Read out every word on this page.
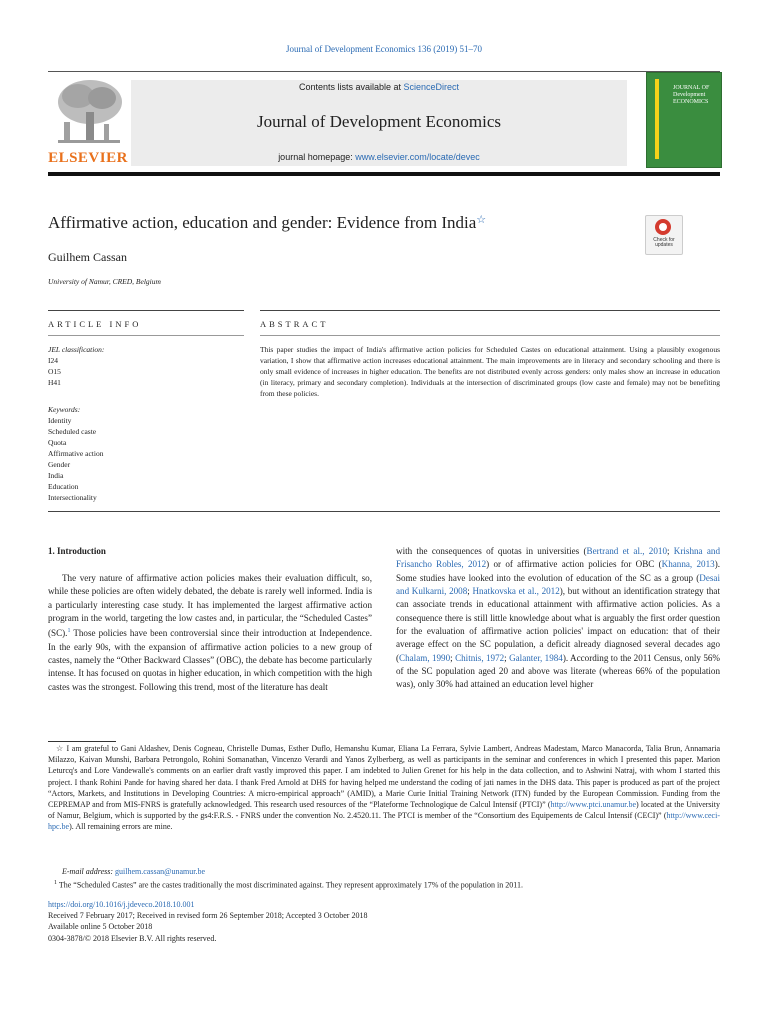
Journal of Development Economics 136 (2019) 51–70
ELSEVIER
Contents lists available at ScienceDirect
Journal of Development Economics
journal homepage: www.elsevier.com/locate/devec
JOURNAL OF Development ECONOMICS
Affirmative action, education and gender: Evidence from India☆
Check for updates
Guilhem Cassan
University of Namur, CRED, Belgium
ARTICLE INFO	ABSTRACT
JEL classification:
I24
O15
H41
Keywords:
Identity
Scheduled caste
Quota
Affirmative action
Gender
India
Education
Intersectionality
This paper studies the impact of India's affirmative action policies for Scheduled Castes on educational attainment. Using a plausibly exogenous variation, I show that affirmative action increases educational attainment. The main improvements are in literacy and secondary schooling and there is only small evidence of increases in higher education. The benefits are not distributed evenly across genders: only males show an increase in education (in literacy, primary and secondary completion). Individuals at the intersection of discriminated groups (low caste and female) may not be benefiting from these policies.
1. Introduction
The very nature of affirmative action policies makes their evaluation difficult, so, while these policies are often widely debated, the debate is rarely well informed. India is a particularly interesting case study. It has implemented the largest affirmative action program in the world, targeting the low castes and, in particular, the “Scheduled Castes” (SC).$^1$ Those policies have been controversial since their introduction at Independence. In the early 90s, with the expansion of affirmative action policies to a new group of castes, namely the “Other Backward Classes” (OBC), the debate has become particularly intense. It has focused on quotas in higher education, in which competition with the high castes was the strongest. Following this trend, most of the literature has dealt
with the consequences of quotas in universities (Bertrand et al., 2010; Krishna and Frisancho Robles, 2012) or of affirmative action policies for OBC (Khanna, 2013). Some studies have looked into the evolution of education of the SC as a group (Desai and Kulkarni, 2008; Hnatkovska et al., 2012), but without an identification strategy that can associate trends in educational attainment with affirmative action policies. As a consequence there is still little knowledge about what is arguably the first order question for the evaluation of affirmative action policies' impact on education: that of their average effect on the SC population, a deficit already diagnosed several decades ago (Chalam, 1990; Chitnis, 1972; Galanter, 1984). According to the 2011 Census, only 56% of the SC population aged 20 and above was literate (whereas 66% of the population was), only 30% had attained an education level higher
☆ I am grateful to Gani Aldashev, Denis Cogneau, Christelle Dumas, Esther Duflo, Hemanshu Kumar, Eliana La Ferrara, Sylvie Lambert, Andreas Madestam, Marco Manacorda, Talia Brun, Annamaria Milazzo, Kaivan Munshi, Barbara Petrongolo, Rohini Somanathan, Vincenzo Verardi and Yanos Zylberberg, as well as participants in the seminar and conferences in which I presented this paper. Marion Leturcq's and Lore Vandewalle's comments on an earlier draft vastly improved this paper. I am indebted to Julien Grenet for his help in the data collection, and to Ashwini Natraj, with whom I started this project. I thank Rohini Pande for having shared her data. I thank Fred Arnold at DHS for having helped me understand the coding of jati names in the DHS data. This paper is produced as part of the project “Actors, Markets, and Institutions in Developing Countries: A micro-empirical approach” (AMID), a Marie Curie Initial Training Network (ITN) funded by the European Commission. Funding from the CEPREMAP and from MIS-FNRS is gratefully acknowledged. This research used resources of the “Plateforme Technologique de Calcul Intensif (PTCI)” (http://www.ptci.unamur.be) located at the University of Namur, Belgium, which is supported by the gs4:F.R.S. - FNRS under the convention No. 2.4520.11. The PTCI is member of the “Consortium des Equipements de Calcul Intensif (CECI)” (http://www.ceci-hpc.be). All remaining errors are mine.
E-mail address: guilhem.cassan@unamur.be
$^1$ The “Scheduled Castes” are the castes traditionally the most discriminated against. They represent approximately 17% of the population in 2011.
https://doi.org/10.1016/j.jdeveco.2018.10.001
Received 7 February 2017; Received in revised form 26 September 2018; Accepted 3 October 2018
Available online 5 October 2018
0304-3878/© 2018 Elsevier B.V. All rights reserved.
